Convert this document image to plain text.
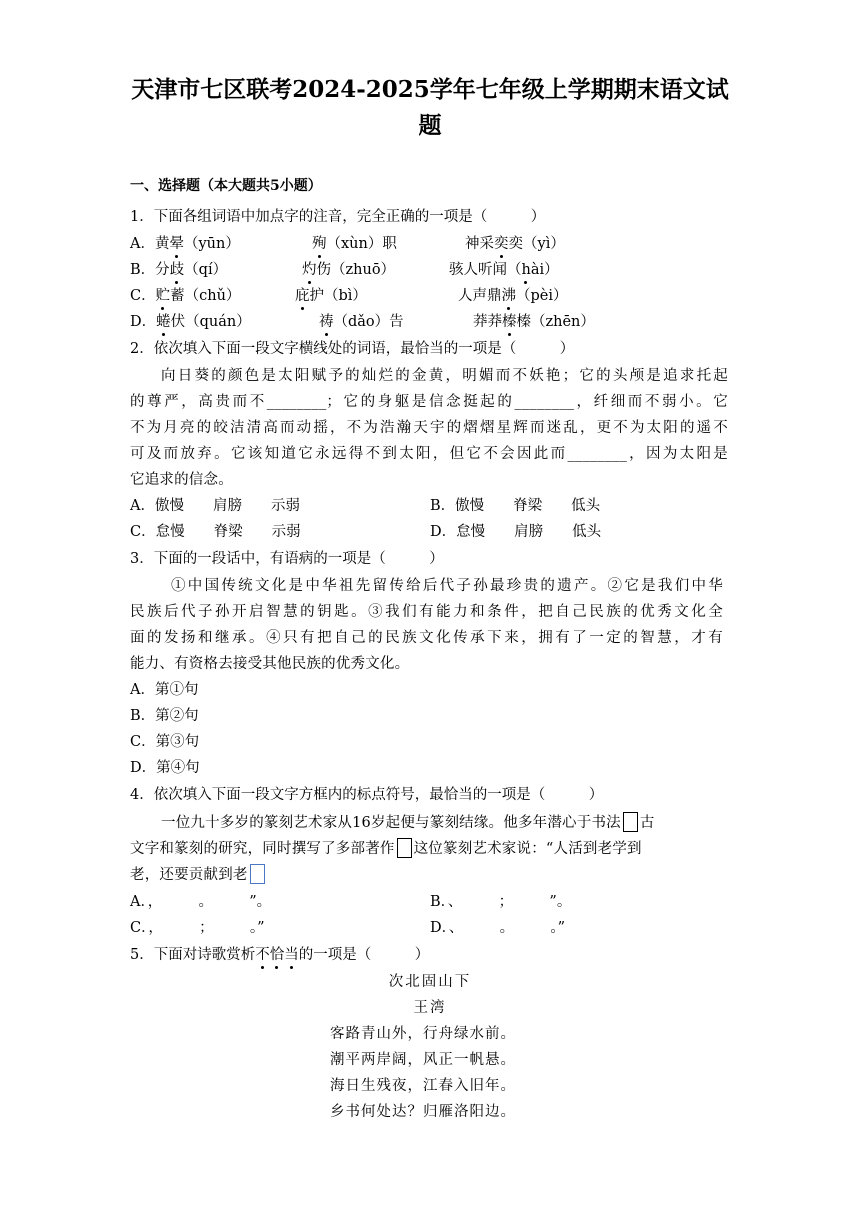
天津市七区联考2024-2025学年七年级上学期期末语文试
题
一、选择题（本大题共5小题）
1．下面各组词语中加点字的注音，完全正确的一项是（　　　）
A．黄晕（yūn）	殉（xùn）职	神采奕奕（yì）
B．分歧（qí）	灼伤（zhuō）	骇人听闻（hài）
C．贮蓄（chǔ）	庇护（bì）	人声鼎沸（pèi）
D．蜷伏（quán）	祷（dǎo）告	莽莽榛榛（zhēn）
2．依次填入下面一段文字横线处的词语，最恰当的一项是（　　　）
向日葵的颜色是太阳赋予的灿烂的金黄，明媚而不妖艳；它的头颅是追求托起
的尊严，高贵而不________；它的身躯是信念挺起的________，纤细而不弱小。它
不为月亮的皎洁清高而动摇，不为浩瀚天宇的熠熠星辉而迷乱，更不为太阳的遥不
可及而放弃。它该知道它永远得不到太阳，但它不会因此而________，因为太阳是
它追求的信念。
A．傲慢　　肩膀　　示弱	B．傲慢　　脊梁　　低头
C．怠慢　　脊梁　　示弱	D．怠慢　　肩膀　　低头
3．下面的一段话中，有语病的一项是（　　　）
①中国传统文化是中华祖先留传给后代子孙最珍贵的遗产。②它是我们中华
民族后代子孙开启智慧的钥匙。③我们有能力和条件，把自己民族的优秀文化全
面的发扬和继承。④只有把自己的民族文化传承下来，拥有了一定的智慧，才有
能力、有资格去接受其他民族的优秀文化。
A．第①句
B．第②句
C．第③句
D．第④句
4．依次填入下面一段文字方框内的标点符号，最恰当的一项是（　　　）
一位九十多岁的篆刻艺术家从16岁起便与篆刻结缘。他多年潜心于书法 古
文字和篆刻的研究，同时撰写了多部著作 这位篆刻艺术家说：“人活到老学到
老，还要贡献到老
A．，　　　。　　　”。	B．、　　　；　　　”。
C．，　　　；　　　。”	D．、　　　。　　　。”
5．下面对诗歌赏析不恰当的一项是（　　　）
次北固山下
王湾
客路青山外，行舟绿水前。
潮平两岸阔，风正一帆悬。
海日生残夜，江春入旧年。
乡书何处达？归雁洛阳边。
